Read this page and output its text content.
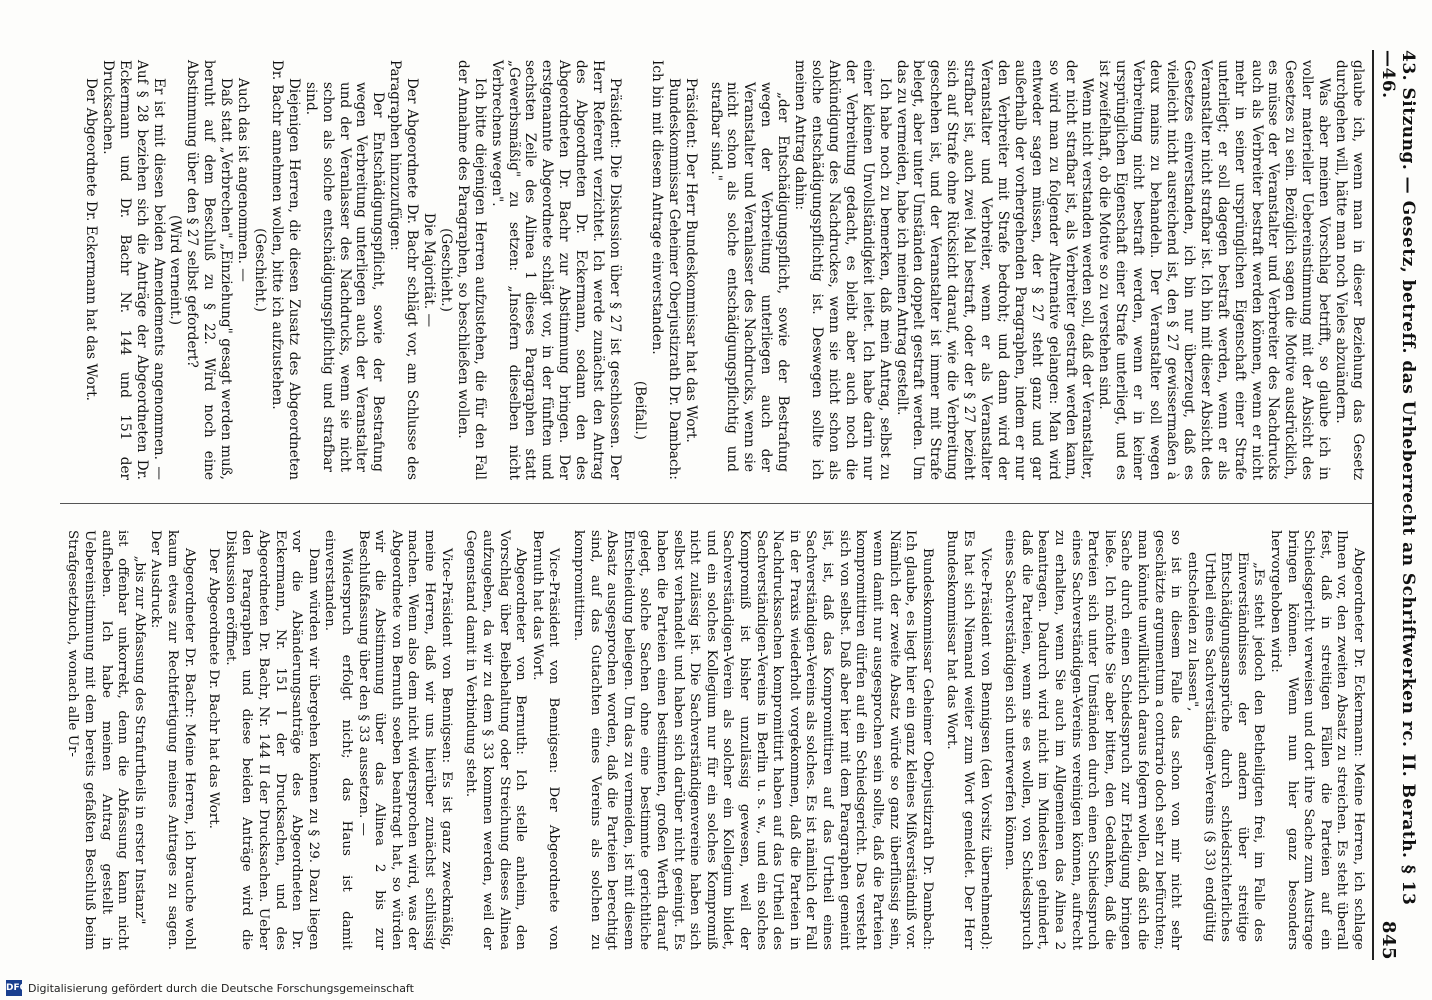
43. Sitzung. — Gesetz, betreff. das Urheberrecht an Schriftwerken rc. II. Berath. § 13—46.
845

glaube ich, wenn man in dieser Beziehung das Gesetz durchgehen will, hätte man noch Vieles abzuändern.

Was aber meinen Vorschlag betrifft, so glaube ich in voller materieller Uebereinstimmung mit der Absicht des Gesetzes zu sein. Bezüglich sagen die Motive ausdrücklich, es müsse der Veranstalter und Verbreiter des Nachdrucks auch als Verbreiter bestraft werden können, wenn er nicht mehr in seiner ursprünglichen Eigenschaft einer Strafe unterliegt; er soll dagegen bestraft werden, wenn er als Veranstalter nicht strafbar ist. Ich bin mit dieser Absicht des Gesetzes einverstanden, ich bin nur überzeugt, daß es vielleicht nicht ausreichend ist, den § 27 gewissermaßen à deux mains zu behandeln. Der Veranstalter soll wegen Verbreitung nicht bestraft werden, wenn er in keiner ursprünglichen Eigenschaft einer Strafe unterliegt, und es ist zweifelhaft, ob die Motive so zu verstehen sind.

Wenn nicht verstanden werden soll, daß der Veranstalter, der nicht strafbar ist, als Verbreiter gestraft werden kann, so wird man zu folgender Alternative gelangen: Man wird entweder sagen müssen, der § 27 steht ganz und gar außerhalb der vorhergehenden Paragraphen, indem er nur den Verbreiter mit Strafe bedroht; und dann wird der Veranstalter und Verbreiter, wenn er als Veranstalter strafbar ist, auch zwei Mal bestraft, oder der § 27 bezieht sich auf Strafe ohne Rücksicht darauf, wie die Verbreitung geschehen ist, und der Veranstalter ist immer mit Strafe belegt, aber unter Umständen doppelt gestraft werden. Um das zu vermeiden, habe ich meinen Antrag gestellt.

Ich habe noch zu bemerken, daß mein Antrag, selbst zu einer kleinen Unvollständigkeit leitet. Ich habe darin nur der Verbreitung gedacht, es bleibt aber auch noch die Ankündigung des Nachdruckes, wenn sie nicht schon als solche entschädigungspflichtig ist. Deswegen sollte ich meinen Antrag dahin:

„der Entschädigungspflicht, sowie der Bestrafung wegen der Verbreitung unterliegen auch der Veranstalter und Veranlasser des Nachdrucks, wenn sie nicht schon als solche entschädigungspflichtig und strafbar sind."

Präsident: Der Herr Bundeskommissar hat das Wort.

Bundeskommissar Geheimer Oberjustizrath Dr. Dambach: Ich bin mit diesem Antrage einverstanden.

(Beifall.)

Präsident: Die Diskussion über § 27 ist geschlossen. Der Herr Referent verzichtet. Ich werde zunächst den Antrag des Abgeordneten Dr. Eckermann, sodann den des Abgeordneten Dr. Bachr zur Abstimmung bringen. Der erstgenannte Abgeordnete schlägt vor, in der fünften und sechsten Zeile des Alinea 1 dieses Paragraphen statt „Gewerbsmäßig" zu setzen: „Insofern dieselben nicht Verbrechens wegen".

Ich bitte diejenigen Herren aufzustehen, die für den Fall der Annahme des Paragraphen, so beschließen wollen.

(Geschieht.)

Die Majorität. —

Der Abgeordnete Dr. Bachr schlägt vor, am Schlusse des Paragraphen hinzuzufügen:

Der Entschädigungspflicht, sowie der Bestrafung wegen Verbreitung unterliegen auch der Veranstalter und der Veranlasser des Nachdrucks, wenn sie nicht schon als solche entschädigungspflichtig und strafbar sind.

Diejenigen Herren, die diesen Zusatz des Abgeordneten Dr. Bachr annehmen wollen, bitte ich aufzustehen.

(Geschieht.)

Auch das ist angenommen. —

Daß statt „Verbrechen" „Einziehung" gesagt werden muß, beruht auf dem Beschluß zu § 22. Wird noch eine Abstimmung über den § 27 selbst gefordert?

(Wird verneint.)

Er ist mit diesen beiden Amendements angenommen. — Auf § 28 beziehen sich die Anträge der Abgeordneten Dr. Eckermann und Dr. Bachr Nr. 144 und 151 der Drucksachen.

Der Abgeordnete Dr. Eckermann hat das Wort.

Abgeordneter Dr. Eckermann: Meine Herren, ich schlage Ihnen vor, den zweiten Absatz zu streichen. Es steht überall fest, daß in streitigen Fällen die Parteien auf ein Schiedsgericht verweisen und dort ihre Sache zum Austrage bringen können. Wenn nun hier ganz besonders hervorgehoben wird:

„Es steht jedoch den Betheiligten frei, im Falle des Einverständnisses der andern über streitige Entschädigungsansprüche durch schiedsrichterliches Urtheil eines Sachverständigen-Vereins (§ 33) endgültig entscheiden zu lassen",

so ist in diesem Falle das schon von mir nicht sehr geschätzte argumentum a contrario doch sehr zu befürchten; man könnte unwillkürlich daraus folgern wollen, daß sich die Sache durch einen Schiedsspruch zur Erledigung bringen ließe. Ich möchte Sie aber bitten, den Gedanken, daß die Parteien sich unter Umständen durch einen Schiedsspruch eines Sachverständigen-Vereins vereinigen können, aufrecht zu erhalten, wenn Sie auch im Allgemeinen das Alinea 2 beantragen. Dadurch wird nicht im Mindesten gehindert, daß die Parteien, wenn sie es wollen, von Schiedsspruch eines Sachverständigen sich unterwerfen können.

Vice-Präsident von Bennigsen (den Vorsitz übernehmend): Es hat sich Niemand weiter zum Wort gemeldet. Der Herr Bundeskommissar hat das Wort.

Bundeskommissar Geheimer Oberjustizrath Dr. Dambach: Ich glaube, es liegt hier ein ganz kleines Mißverständniß vor. Nämlich der zweite Absatz würde so ganz überflüssig sein, wenn damit nur ausgesprochen sein sollte, daß die Parteien kompromittiren dürfen auf ein Schiedsgericht. Das versteht sich von selbst. Daß aber hier mit dem Paragraphen gemeint ist, ist, daß das Kompromittiren auf das Urtheil eines Sachverständigen-Vereins als solches. Es ist nämlich der Fall in der Praxis wiederholt vorgekommen, daß die Parteien in Nachdruckssachen kompromittirt haben auf das Urtheil des Sachverständigen-Vereins in Berlin u. s. w., und ein solches Kompromiß ist bisher unzulässig gewesen, weil der Sachverständigen-Verein als solcher ein Kollegium bildet, und ein solches Kollegium nur für ein solches Kompromiß nicht zulässig ist. Die Sachverständigenvereine haben sich selbst verhandelt und haben sich darüber nicht geeinigt. Es haben die Parteien einen bestimmten, großen Werth darauf gelegt, solche Sachen ohne eine bestimmte gerichtliche Entscheidung beilegen. Um das zu vermeiden, ist mit diesem Absatz ausgesprochen worden, daß die Parteien berechtigt sind, auf das Gutachten eines Vereins als solchen zu kompromittiren.

Vice-Präsident von Bennigsen: Der Abgeordnete von Bernuth hat das Wort.

Abgeordneter von Bernuth: Ich stelle anheim, den Vorschlag über Beibehaltung oder Streichung dieses Alinea aufzugeben, da wir zu dem § 33 kommen werden, weil der Gegenstand damit in Verbindung steht.

Vice-Präsident von Bennigsen: Es ist ganz zweckmäßig, meine Herren, daß wir uns hierüber zunächst schlüssig machen. Wenn also dem nicht widersprochen wird, was der Abgeordnete von Bernuth soeben beantragt hat, so würden wir die Abstimmung über das Alinea 2 bis zur Beschlußfassung über den § 33 aussetzen. —

Widerspruch erfolgt nicht; das Haus ist damit einverstanden.

Dann würden wir übergehen können zu § 29. Dazu liegen vor die Abänderungsanträge des Abgeordneten Dr. Eckermann, Nr. 151 I der Drucksachen, und des Abgeordneten Dr. Bachr, Nr. 144 II der Drucksachen. Ueber den Paragraphen und diese beiden Anträge wird die Diskussion eröffnet.

Der Abgeordnete Dr. Bachr hat das Wort.

Abgeordneter Dr. Bachr: Meine Herren, ich brauche wohl kaum etwas zur Rechtfertigung meines Antrages zu sagen. Der Ausdruck:

„bis zur Abfassung des Strafurtheils in erster Instanz"

ist offenbar unkorrekt, denn die Abfassung kann nicht aufheben. Ich habe meinen Antrag gestellt in Uebereinstimmung mit dem bereits gefaßten Beschluß beim Strafgesetzbuch, wonach alle Ur-

DFG Digitalisierung gefördert durch die Deutsche Forschungsgemeinschaft
